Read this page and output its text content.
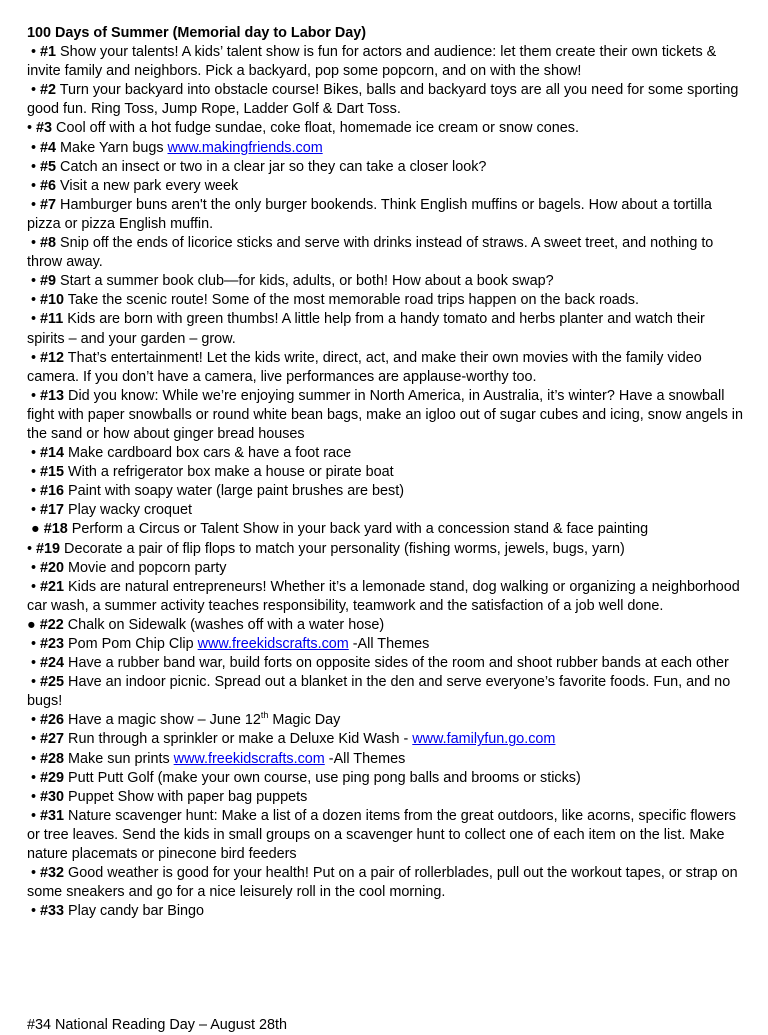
100 Days of Summer (Memorial day to Labor Day)

• #1 Show your talents! A kids’ talent show is fun for actors and audience: let them create their own tickets & invite family and neighbors. Pick a backyard, pop some popcorn, and on with the show!

• #2 Turn your backyard into obstacle course! Bikes, balls and backyard toys are all you need for some sporting good fun. Ring Toss, Jump Rope, Ladder Golf & Dart Toss.

• #3 Cool off with a hot fudge sundae, coke float, homemade ice cream or snow cones.

• #4 Make Yarn bugs www.makingfriends.com

• #5 Catch an insect or two in a clear jar so they can take a closer look?

• #6 Visit a new park every week

• #7 Hamburger buns aren't the only burger bookends. Think English muffins or bagels. How about a tortilla pizza or pizza English muffin.

• #8 Snip off the ends of licorice sticks and serve with drinks instead of straws. A sweet treet, and nothing to throw away.

• #9 Start a summer book club—for kids, adults, or both! How about a book swap?

• #10 Take the scenic route! Some of the most memorable road trips happen on the back roads.

• #11 Kids are born with green thumbs! A little help from a handy tomato and herbs planter and watch their spirits – and your garden – grow.

• #12 That’s entertainment! Let the kids write, direct, act, and make their own movies with the family video camera. If you don’t have a camera, live performances are applause-worthy too.

• #13 Did you know: While we’re enjoying summer in North America, in Australia, it’s winter? Have a snowball fight with paper snowballs or round white bean bags, make an igloo out of sugar cubes and icing, snow angels in the sand or how about ginger bread houses

• #14 Make cardboard box cars & have a foot race

• #15 With a refrigerator box make a house or pirate boat

• #16 Paint with soapy water (large paint brushes are best)

• #17 Play wacky croquet

● #18 Perform a Circus or Talent Show in your back yard with a concession stand & face painting

• #19 Decorate a pair of flip flops to match your personality (fishing worms, jewels, bugs, yarn)

• #20 Movie and popcorn party

• #21 Kids are natural entrepreneurs! Whether it’s a lemonade stand, dog walking or organizing a neighborhood car wash, a summer activity teaches responsibility, teamwork and the satisfaction of a job well done.

● #22 Chalk on Sidewalk (washes off with a water hose)

• #23 Pom Pom Chip Clip www.freekidscrafts.com -All Themes

• #24 Have a rubber band war, build forts on opposite sides of the room and shoot rubber bands at each other

• #25 Have an indoor picnic. Spread out a blanket in the den and serve everyone’s favorite foods. Fun, and no bugs!

• #26 Have a magic show – June 12th Magic Day

• #27 Run through a sprinkler or make a Deluxe Kid Wash - www.familyfun.go.com

• #28 Make sun prints www.freekidscrafts.com -All Themes

• #29 Putt Putt Golf (make your own course, use ping pong balls and brooms or sticks)

• #30 Puppet Show with paper bag puppets

• #31 Nature scavenger hunt: Make a list of a dozen items from the great outdoors, like acorns, specific flowers or tree leaves. Send the kids in small groups on a scavenger hunt to collect one of each item on the list. Make nature placemats or pinecone bird feeders

• #32 Good weather is good for your health! Put on a pair of rollerblades, pull out the workout tapes, or strap on some sneakers and go for a nice leisurely roll in the cool morning.

• #33 Play candy bar Bingo

#34 National Reading Day – August 28th
